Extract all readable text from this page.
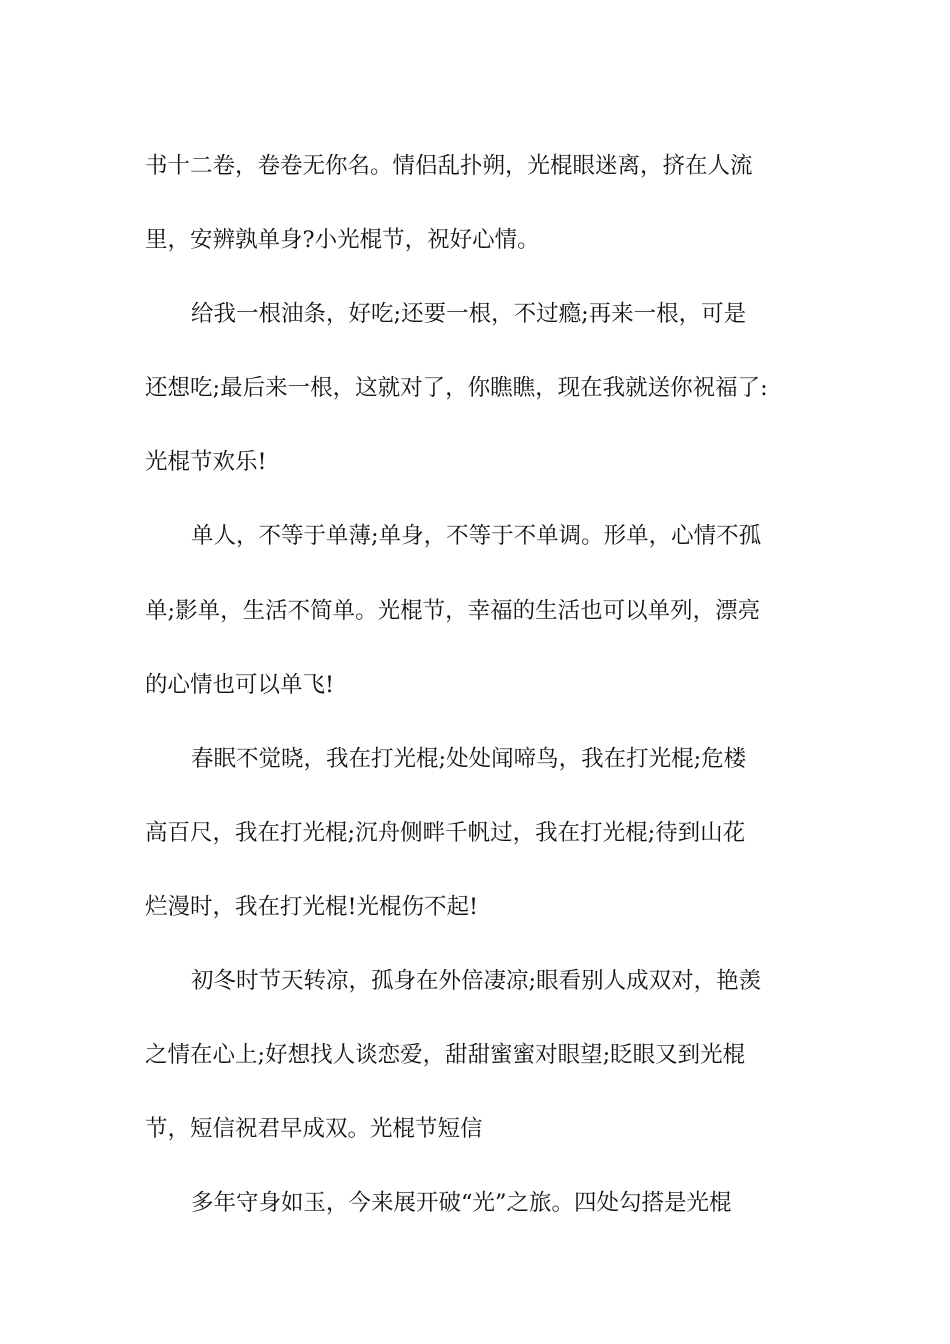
书十二卷，卷卷无你名。情侣乱扑朔，光棍眼迷离，挤在人流
里，安辨孰单身?小光棍节，祝好心情。
给我一根油条，好吃;还要一根，不过瘾;再来一根，可是
还想吃;最后来一根，这就对了，你瞧瞧，现在我就送你祝福了:
光棍节欢乐!
单人，不等于单薄;单身，不等于不单调。形单，心情不孤
单;影单，生活不简单。光棍节，幸福的生活也可以单列，漂亮
的心情也可以单飞!
春眠不觉晓，我在打光棍;处处闻啼鸟，我在打光棍;危楼
高百尺，我在打光棍;沉舟侧畔千帆过，我在打光棍;待到山花
烂漫时，我在打光棍!光棍伤不起!
初冬时节天转凉，孤身在外倍凄凉;眼看别人成双对，艳羡
之情在心上;好想找人谈恋爱，甜甜蜜蜜对眼望;眨眼又到光棍
节，短信祝君早成双。光棍节短信
多年守身如玉，今来展开破“光”之旅。四处勾搭是光棍
